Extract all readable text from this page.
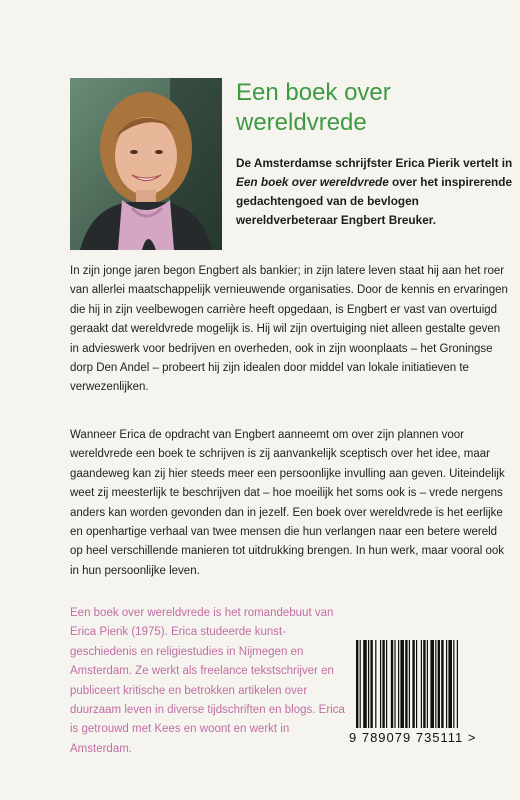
Een boek over wereldvrede
De Amsterdamse schrijfster Erica Pierik vertelt in Een boek over wereldvrede over het inspirerende gedachtengoed van de bevlogen wereldverbeteraar Engbert Breuker.

In zijn jonge jaren begon Engbert als bankier; in zijn latere leven staat hij aan het roer van allerlei maatschappelijk vernieuwende organisaties. Door de kennis en ervaringen die hij in zijn veelbewogen carrière heeft opgedaan, is Engbert er vast van overtuigd geraakt dat wereldvrede mogelijk is. Hij wil zijn overtuiging niet alleen gestalte geven in advieswerk voor bedrijven en overheden, ook in zijn woonplaats – het Groningse dorp Den Andel – probeert hij zijn idealen door middel van lokale initiatieven te verwezenlijken.

Wanneer Erica de opdracht van Engbert aanneemt om over zijn plannen voor wereldvrede een boek te schrijven is zij aanvankelijk sceptisch over het idee, maar gaandeweg kan zij hier steeds meer een persoonlijke invulling aan geven. Uiteindelijk weet zij meesterlijk te beschrijven dat – hoe moeilijk het soms ook is – vrede nergens anders kan worden gevonden dan in jezelf. Een boek over wereldvrede is het eerlijke en openhartige verhaal van twee mensen die hun verlangen naar een betere wereld op heel verschillende manieren tot uitdrukking brengen. In hun werk, maar vooral ook in hun persoonlijke leven.

Een boek over wereldvrede is het romandebuut van Erica Pierik (1975). Erica studeerde kunst-geschiedenis en religiestudies in Nijmegen en Amsterdam. Ze werkt als freelance tekstschrijver en publiceert kritische en betrokken artikelen over duurzaam leven in diverse tijdschriften en blogs. Erica is getrouwd met Kees en woont en werkt in Amsterdam.

9 789079 735111 >
